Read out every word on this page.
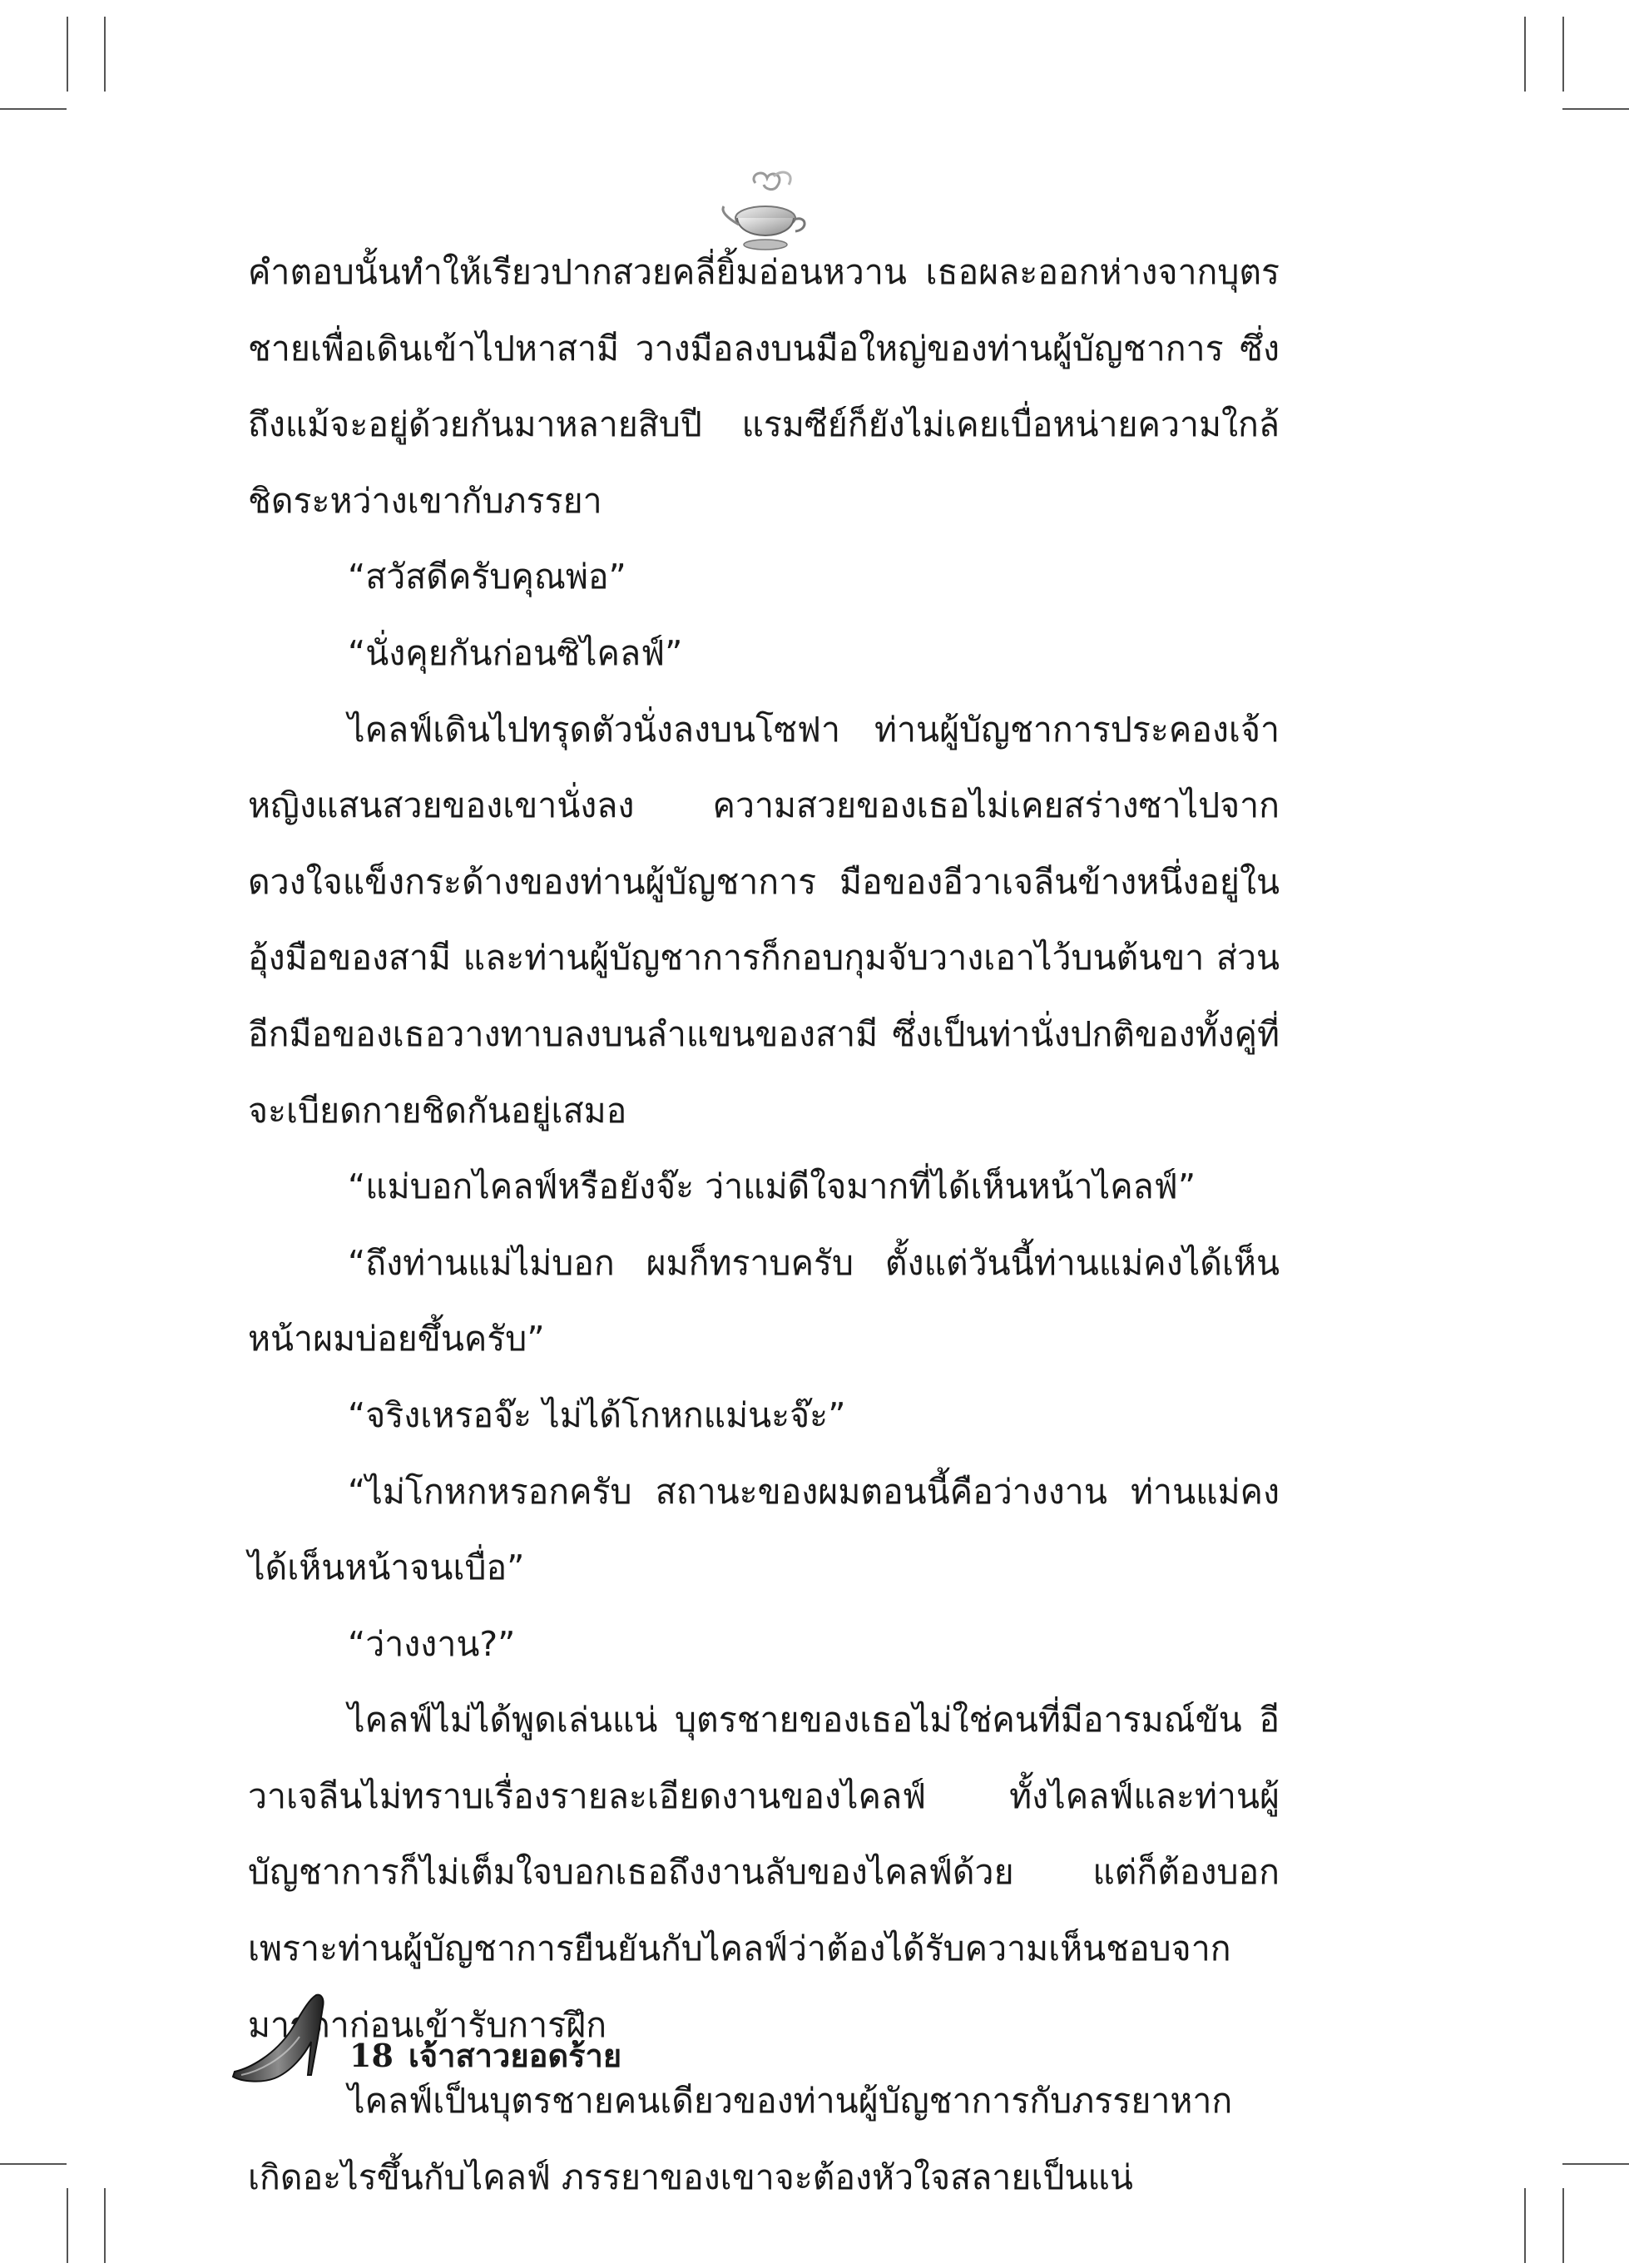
คำตอบนั้นทำให้เรียวปากสวยคลี่ยิ้มอ่อนหวาน เธอผละออกห่างจากบุตรชายเพื่อเดินเข้าไปหาสามี วางมือลงบนมือใหญ่ของท่านผู้บัญชาการ ซึ่งถึงแม้จะอยู่ด้วยกันมาหลายสิบปี แรมซีย์ก็ยังไม่เคยเบื่อหน่ายความใกล้ชิดระหว่างเขากับภรรยา

“สวัสดีครับคุณพ่อ”

“นั่งคุยกันก่อนซิไคลฟ์”

ไคลฟ์เดินไปทรุดตัวนั่งลงบนโซฟา ท่านผู้บัญชาการประคองเจ้าหญิงแสนสวยของเขานั่งลง ความสวยของเธอไม่เคยสร่างซาไปจากดวงใจแข็งกระด้างของท่านผู้บัญชาการ มือของอีวาเจลีนข้างหนึ่งอยู่ในอุ้งมือของสามี และท่านผู้บัญชาการก็กอบกุมจับวางเอาไว้บนต้นขา ส่วนอีกมือของเธอวางทาบลงบนลำแขนของสามี ซึ่งเป็นท่านั่งปกติของทั้งคู่ที่จะเบียดกายชิดกันอยู่เสมอ

“แม่บอกไคลฟ์หรือยังจ๊ะ ว่าแม่ดีใจมากที่ได้เห็นหน้าไคลฟ์”

“ถึงท่านแม่ไม่บอก ผมก็ทราบครับ ตั้งแต่วันนี้ท่านแม่คงได้เห็นหน้าผมบ่อยขึ้นครับ”

“จริงเหรอจ๊ะ ไม่ได้โกหกแม่นะจ๊ะ”

“ไม่โกหกหรอกครับ สถานะของผมตอนนี้คือว่างงาน ท่านแม่คงได้เห็นหน้าจนเบื่อ”

“ว่างงาน?”

ไคลฟ์ไม่ได้พูดเล่นแน่ บุตรชายของเธอไม่ใช่คนที่มีอารมณ์ขัน อีวาเจลีนไม่ทราบเรื่องรายละเอียดงานของไคลฟ์ ทั้งไคลฟ์และท่านผู้บัญชาการก็ไม่เต็มใจบอกเธอถึงงานลับของไคลฟ์ด้วย แต่ก็ต้องบอกเพราะท่านผู้บัญชาการยืนยันกับไคลฟ์ว่าต้องได้รับความเห็นชอบจากมารดาก่อนเข้ารับการฝึก

ไคลฟ์เป็นบุตรชายคนเดียวของท่านผู้บัญชาการกับภรรยาหากเกิดอะไรขึ้นกับไคลฟ์ ภรรยาของเขาจะต้องหัวใจสลายเป็นแน่

18 เจ้าสาวยอดร้าย
